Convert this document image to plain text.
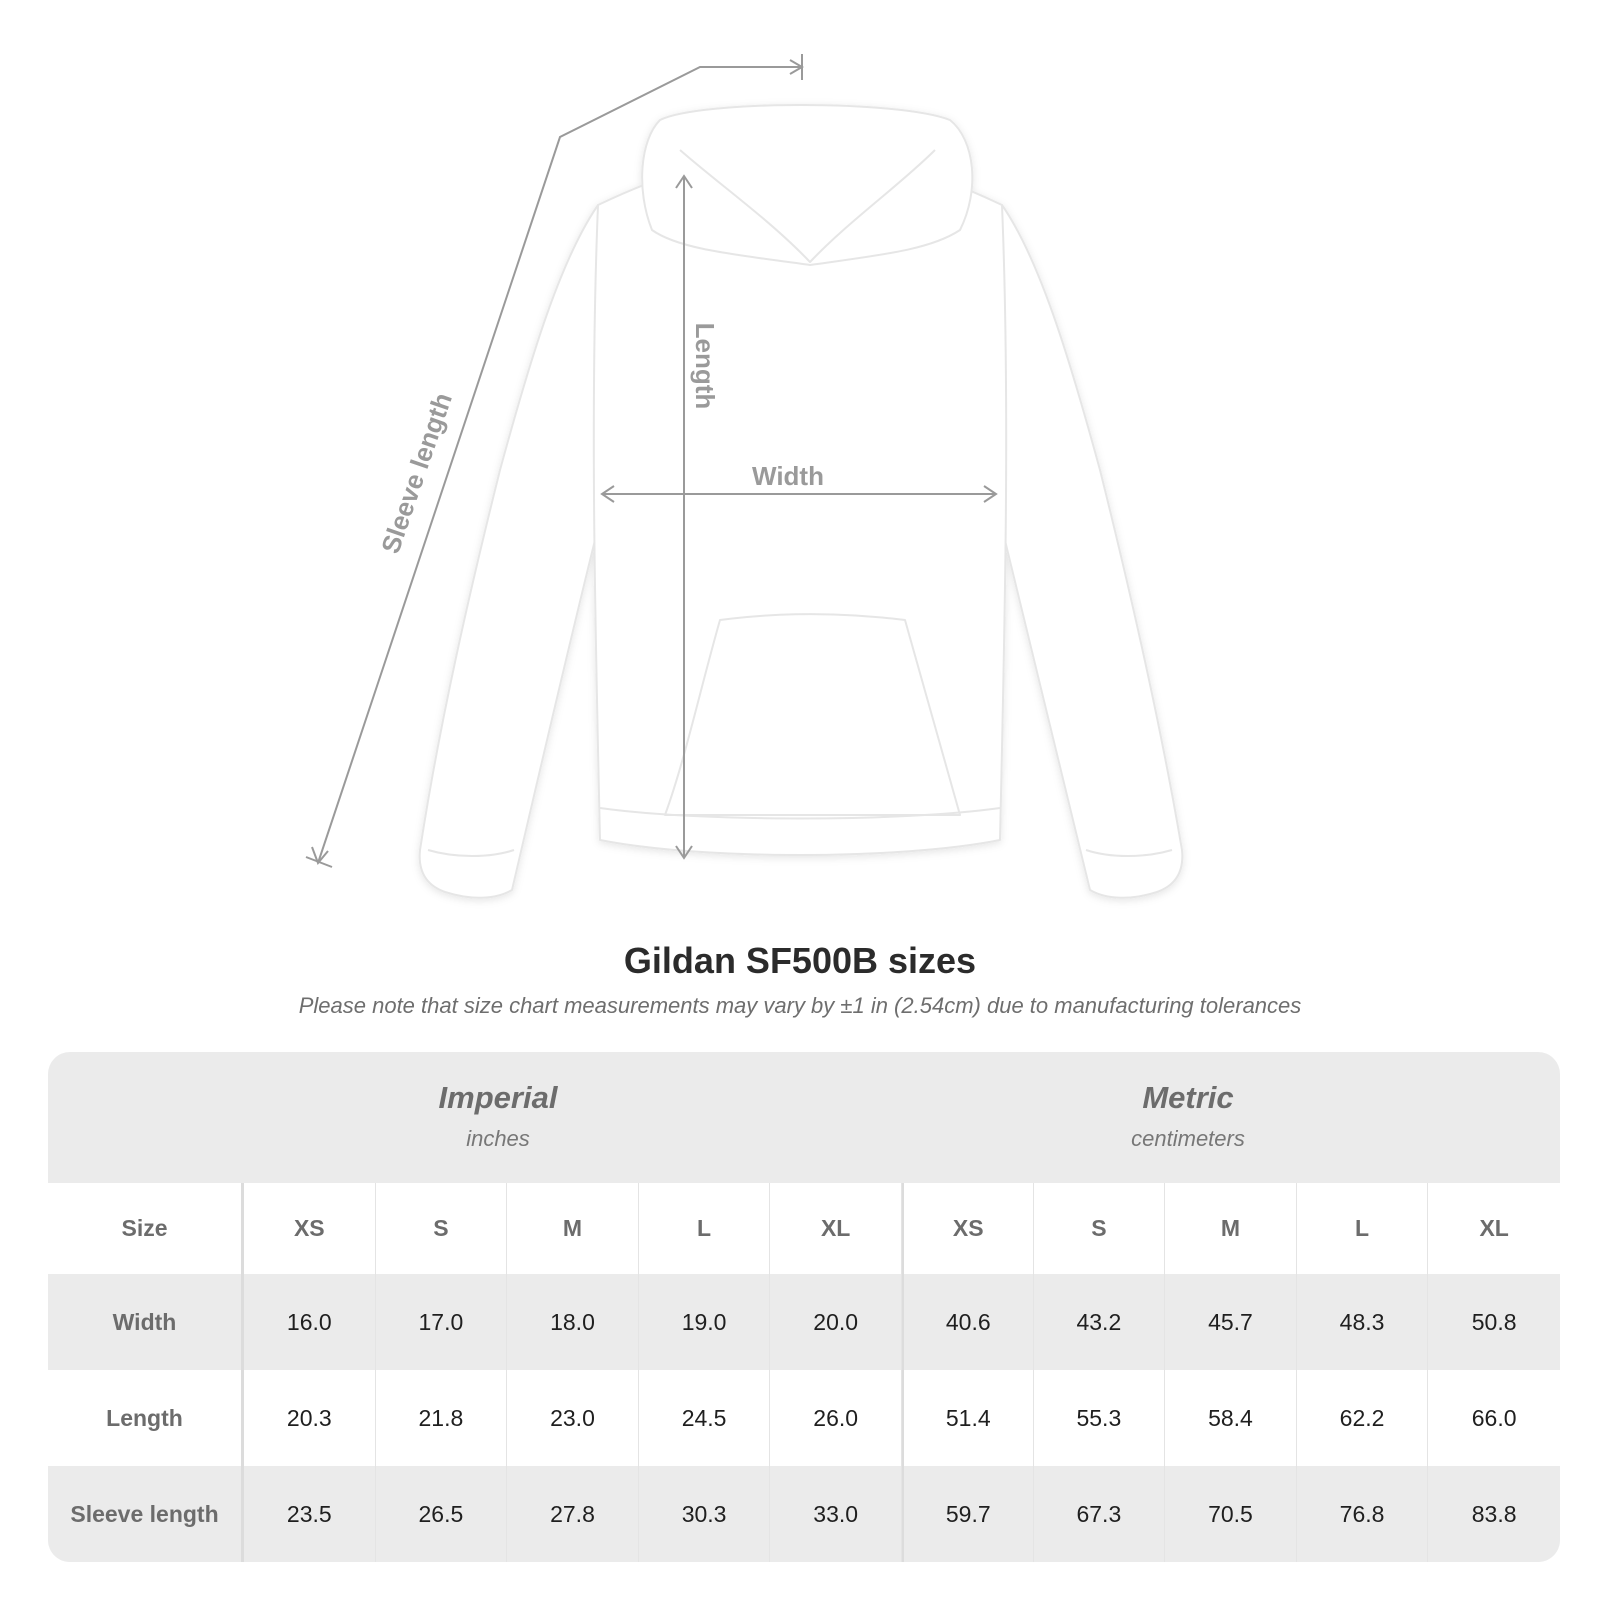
Sleeve length
Length
Width
Gildan SF500B sizes
Please note that size chart measurements may vary by ±1 in (2.54cm) due to manufacturing tolerances
Imperial
inches
Metric
centimeters
Size	XS	S	M	L	XL	XS	S	M	L	XL
Width	16.0	17.0	18.0	19.0	20.0	40.6	43.2	45.7	48.3	50.8
Length	20.3	21.8	23.0	24.5	26.0	51.4	55.3	58.4	62.2	66.0
Sleeve length	23.5	26.5	27.8	30.3	33.0	59.7	67.3	70.5	76.8	83.8
